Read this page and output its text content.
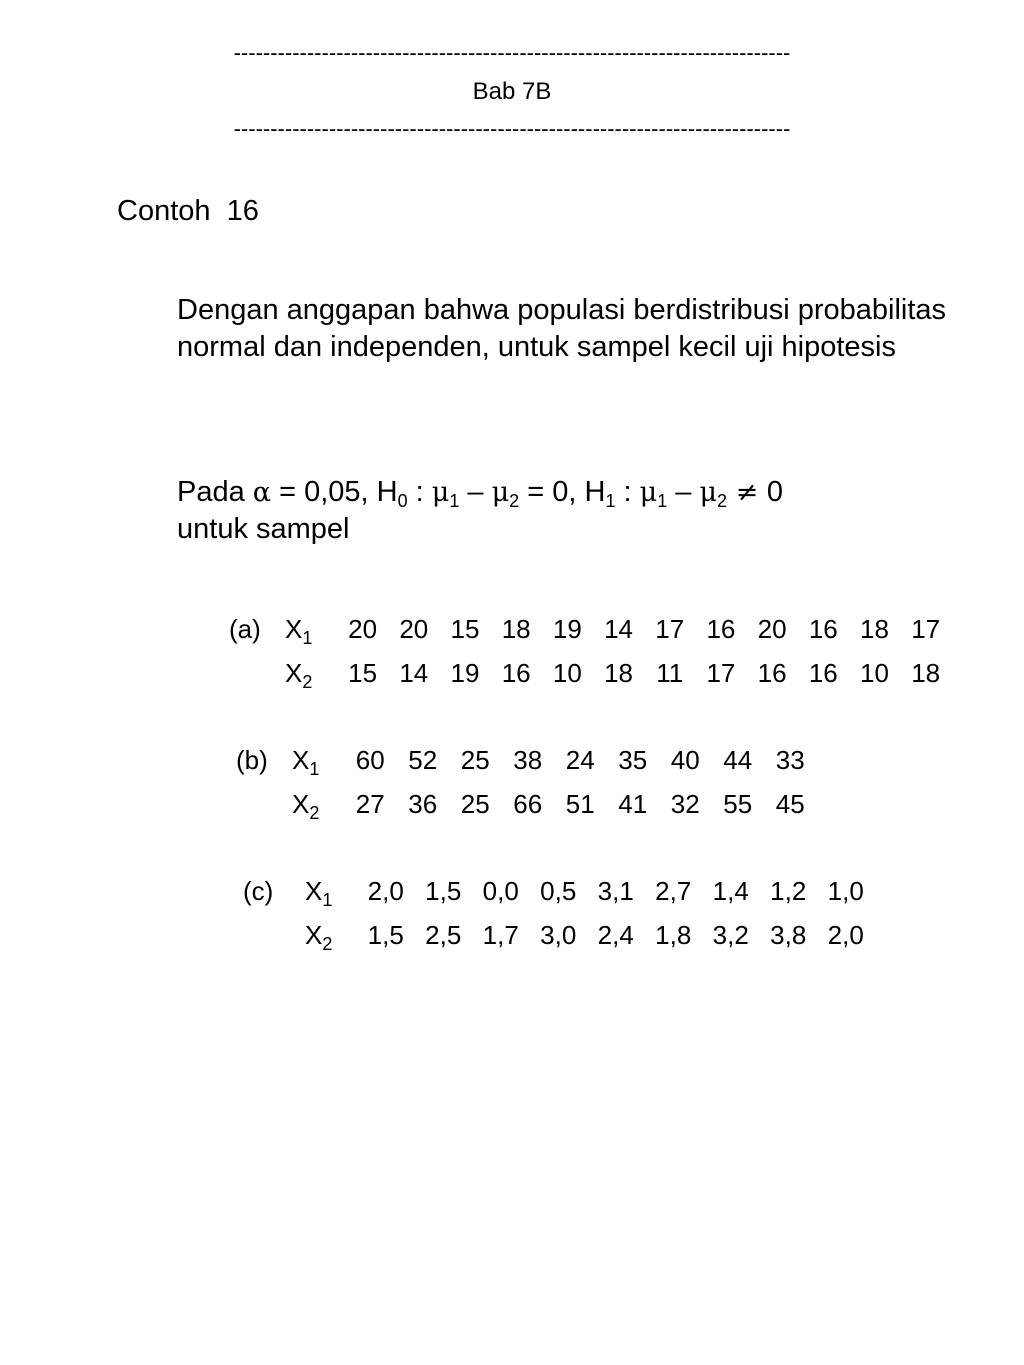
----------------------------------------------------------------------------
Bab 7B
----------------------------------------------------------------------------
Contoh  16
Dengan anggapan bahwa populasi berdistribusi probabilitas normal dan independen, untuk sampel kecil uji hipotesis
Pada α = 0,05, $H_0$ : $\mu_1 - \mu_2 = 0$, $H_1$ : $\mu_1 - \mu_2 \ne 0$
untuk sampel
(a) $X_1$	20 20 15 18 19 14 17 16 20 16 18 17
$X_2$	15 14 19 16 10 18 11 17 16 16 10 18
(b) $X_1$	60 52 25 38 24 35 40 44 33
$X_2$	27 36 25 66 51 41 32 55 45
(c)	$X_1$	2,0 1,5 0,0 0,5 3,1 2,7 1,4 1,2 1,0
$X_2$	1,5 2,5 1,7 3,0 2,4 1,8 3,2 3,8 2,0
